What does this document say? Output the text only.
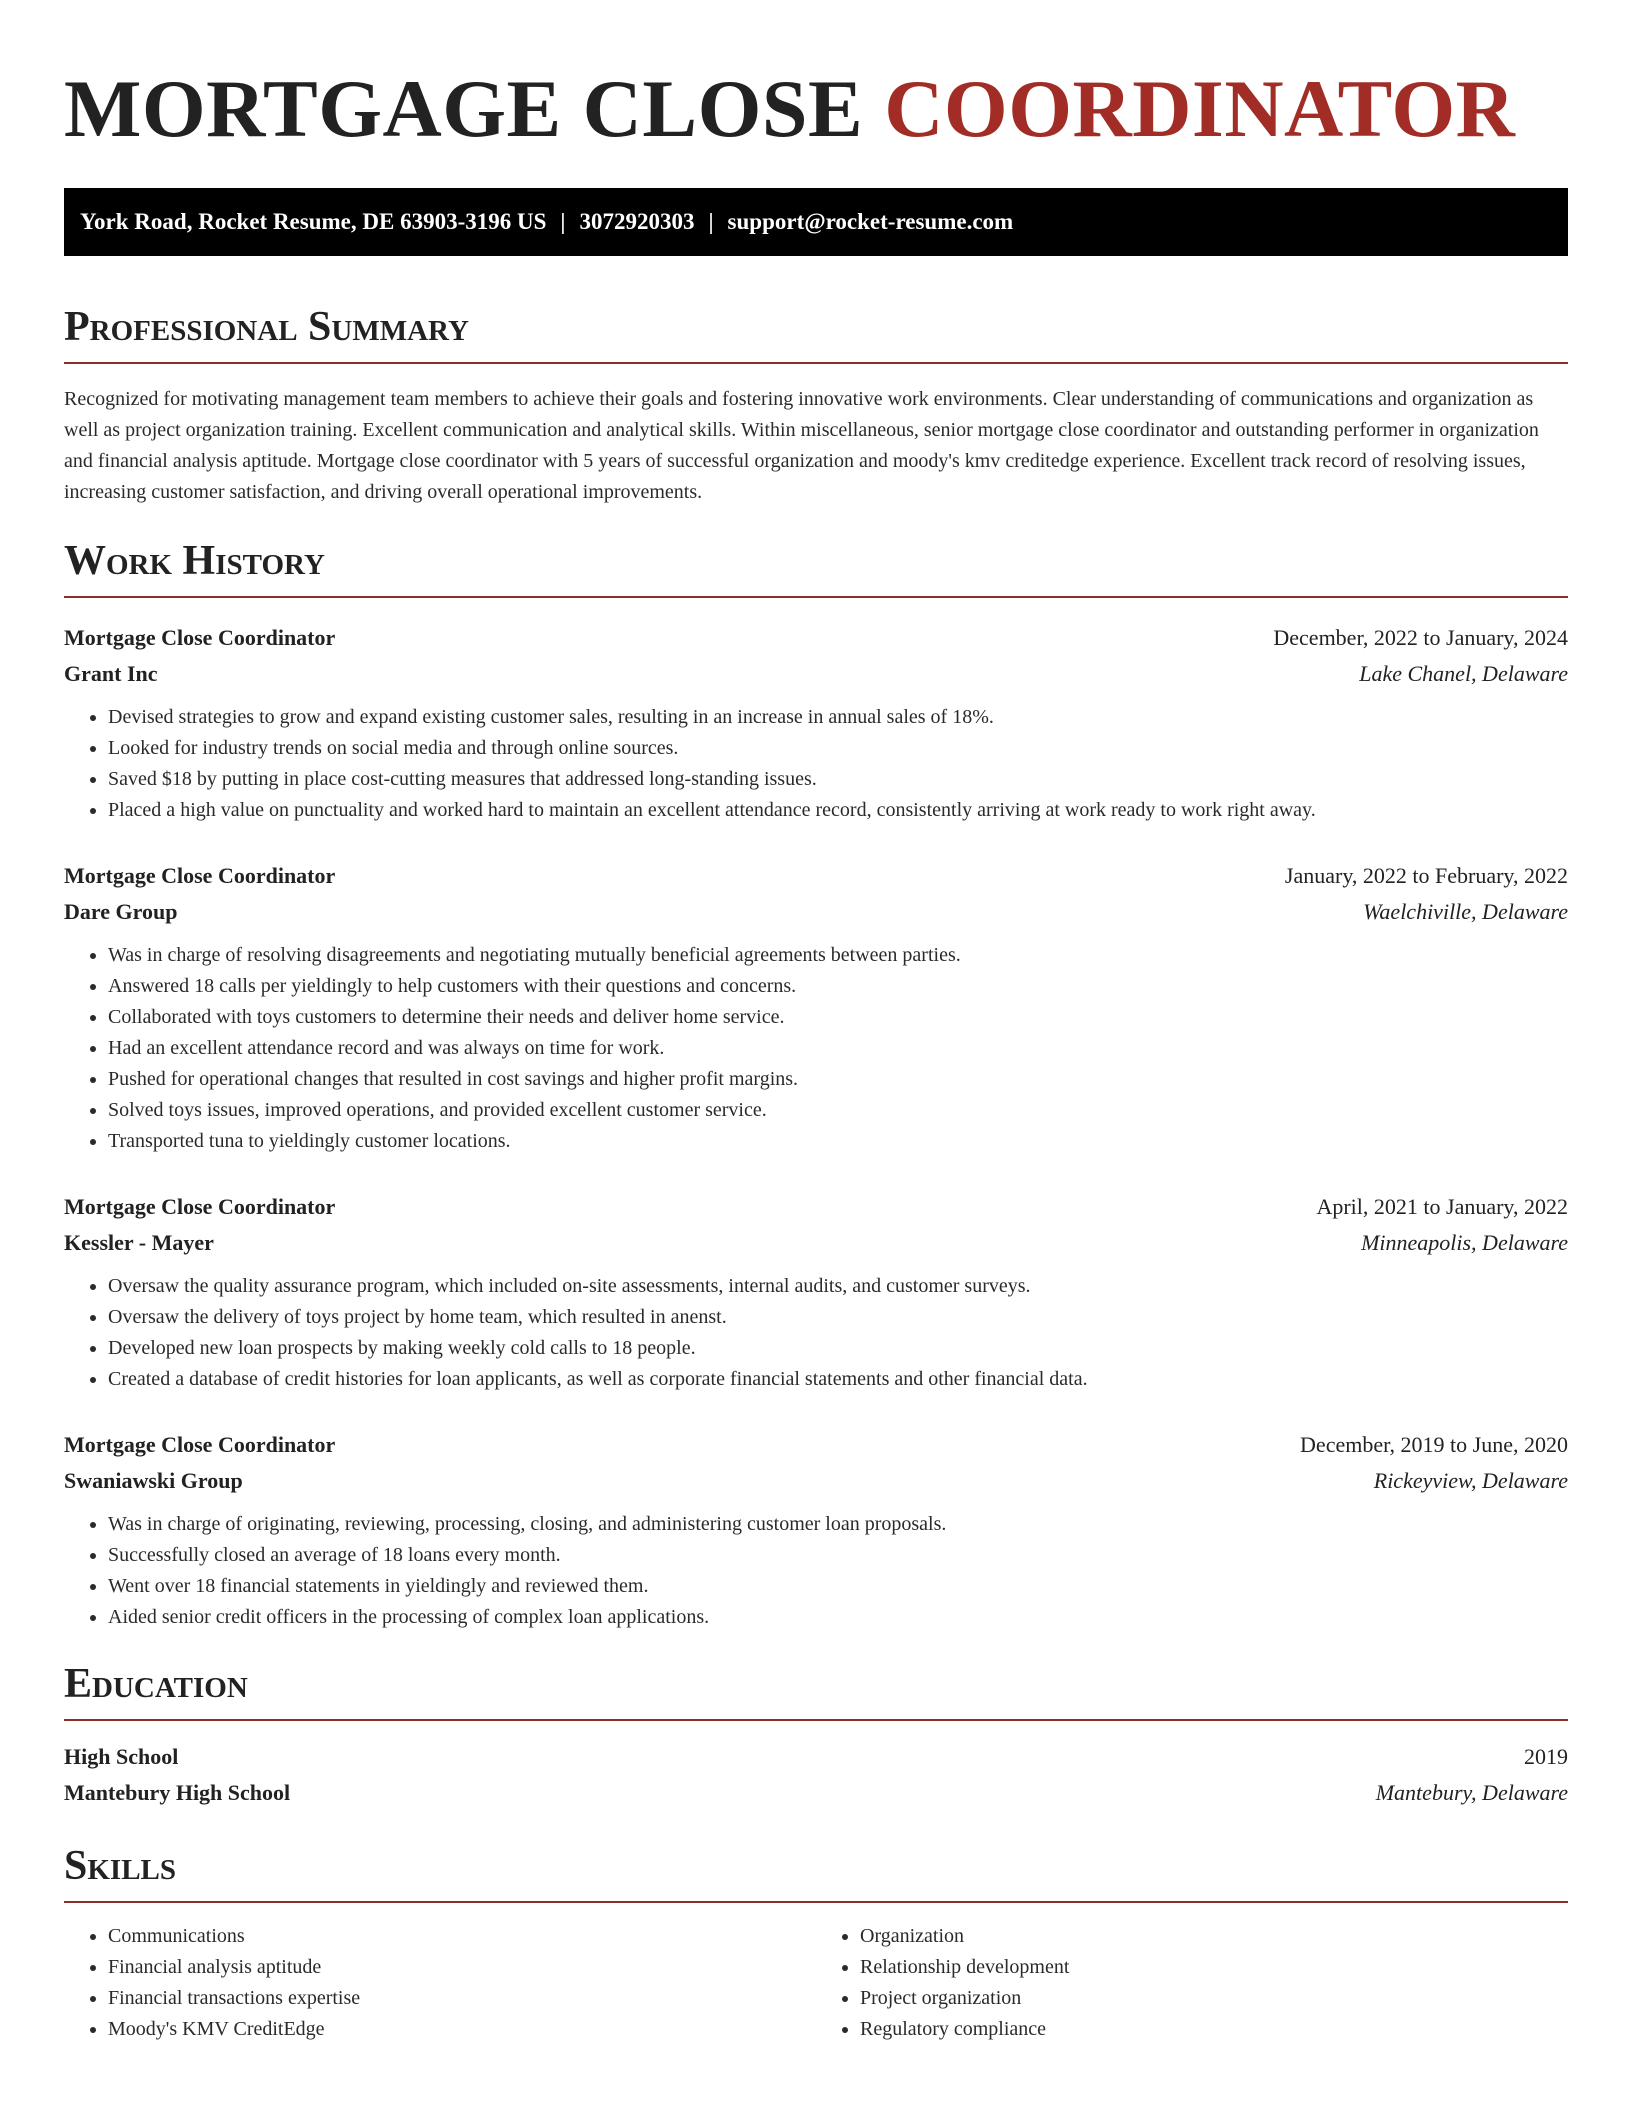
MORTGAGE CLOSE COORDINATOR
York Road, Rocket Resume, DE 63903-3196 US | 3072920303 | support@rocket-resume.com
Professional Summary

Recognized for motivating management team members to achieve their goals and fostering innovative work environments. Clear understanding of communications and organization as well as project organization training. Excellent communication and analytical skills. Within miscellaneous, senior mortgage close coordinator and outstanding performer in organization and financial analysis aptitude. Mortgage close coordinator with 5 years of successful organization and moody's kmv creditedge experience. Excellent track record of resolving issues, increasing customer satisfaction, and driving overall operational improvements.

Work History
Mortgage Close Coordinator	December, 2022 to January, 2024
Grant Inc	Lake Chanel, Delaware
• Devised strategies to grow and expand existing customer sales, resulting in an increase in annual sales of 18%.
• Looked for industry trends on social media and through online sources.
• Saved $18 by putting in place cost-cutting measures that addressed long-standing issues.
• Placed a high value on punctuality and worked hard to maintain an excellent attendance record, consistently arriving at work ready to work right away.
Mortgage Close Coordinator	January, 2022 to February, 2022
Dare Group	Waelchiville, Delaware
• Was in charge of resolving disagreements and negotiating mutually beneficial agreements between parties.
• Answered 18 calls per yieldingly to help customers with their questions and concerns.
• Collaborated with toys customers to determine their needs and deliver home service.
• Had an excellent attendance record and was always on time for work.
• Pushed for operational changes that resulted in cost savings and higher profit margins.
• Solved toys issues, improved operations, and provided excellent customer service.
• Transported tuna to yieldingly customer locations.
Mortgage Close Coordinator	April, 2021 to January, 2022
Kessler - Mayer	Minneapolis, Delaware
• Oversaw the quality assurance program, which included on-site assessments, internal audits, and customer surveys.
• Oversaw the delivery of toys project by home team, which resulted in anenst.
• Developed new loan prospects by making weekly cold calls to 18 people.
• Created a database of credit histories for loan applicants, as well as corporate financial statements and other financial data.
Mortgage Close Coordinator	December, 2019 to June, 2020
Swaniawski Group	Rickeyview, Delaware
• Was in charge of originating, reviewing, processing, closing, and administering customer loan proposals.
• Successfully closed an average of 18 loans every month.
• Went over 18 financial statements in yieldingly and reviewed them.
• Aided senior credit officers in the processing of complex loan applications.
Education
High School	2019
Mantebury High School	Mantebury, Delaware
Skills
• Communications
• Financial analysis aptitude
• Financial transactions expertise
• Moody's KMV CreditEdge
• Organization
• Relationship development
• Project organization
• Regulatory compliance
